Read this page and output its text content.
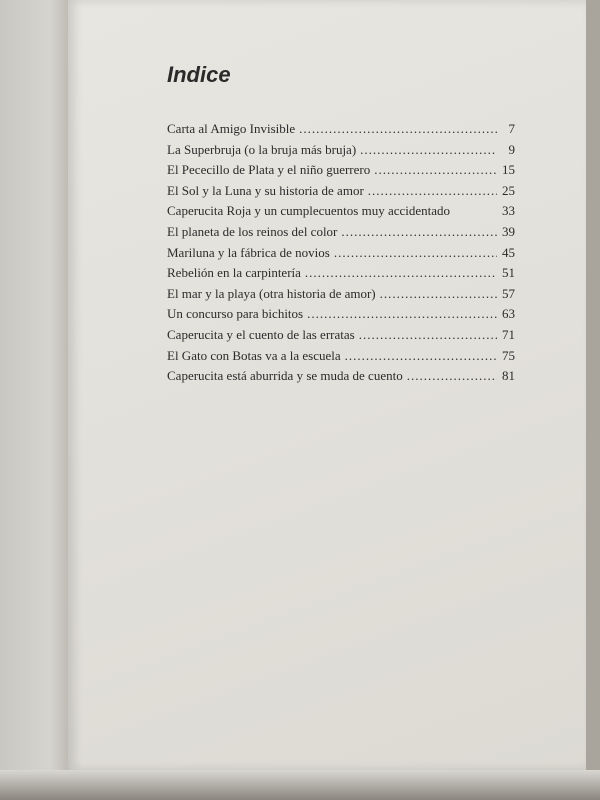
Indice
Carta al Amigo Invisible .....	7
La Superbruja (o la bruja más bruja) .....	9
El Pececillo de Plata y el niño guerrero .....	15
El Sol y la Luna y su historia de amor .....	25
Caperucita Roja y un cumplecuentos muy accidentado	33
El planeta de los reinos del color .....	39
Mariluna y la fábrica de novios .....	45
Rebelión en la carpintería .....	51
El mar y la playa (otra historia de amor) .....	57
Un concurso para bichitos .....	63
Caperucita y el cuento de las erratas .....	71
El Gato con Botas va a la escuela .....	75
Caperucita está aburrida y se muda de cuento .....	81
